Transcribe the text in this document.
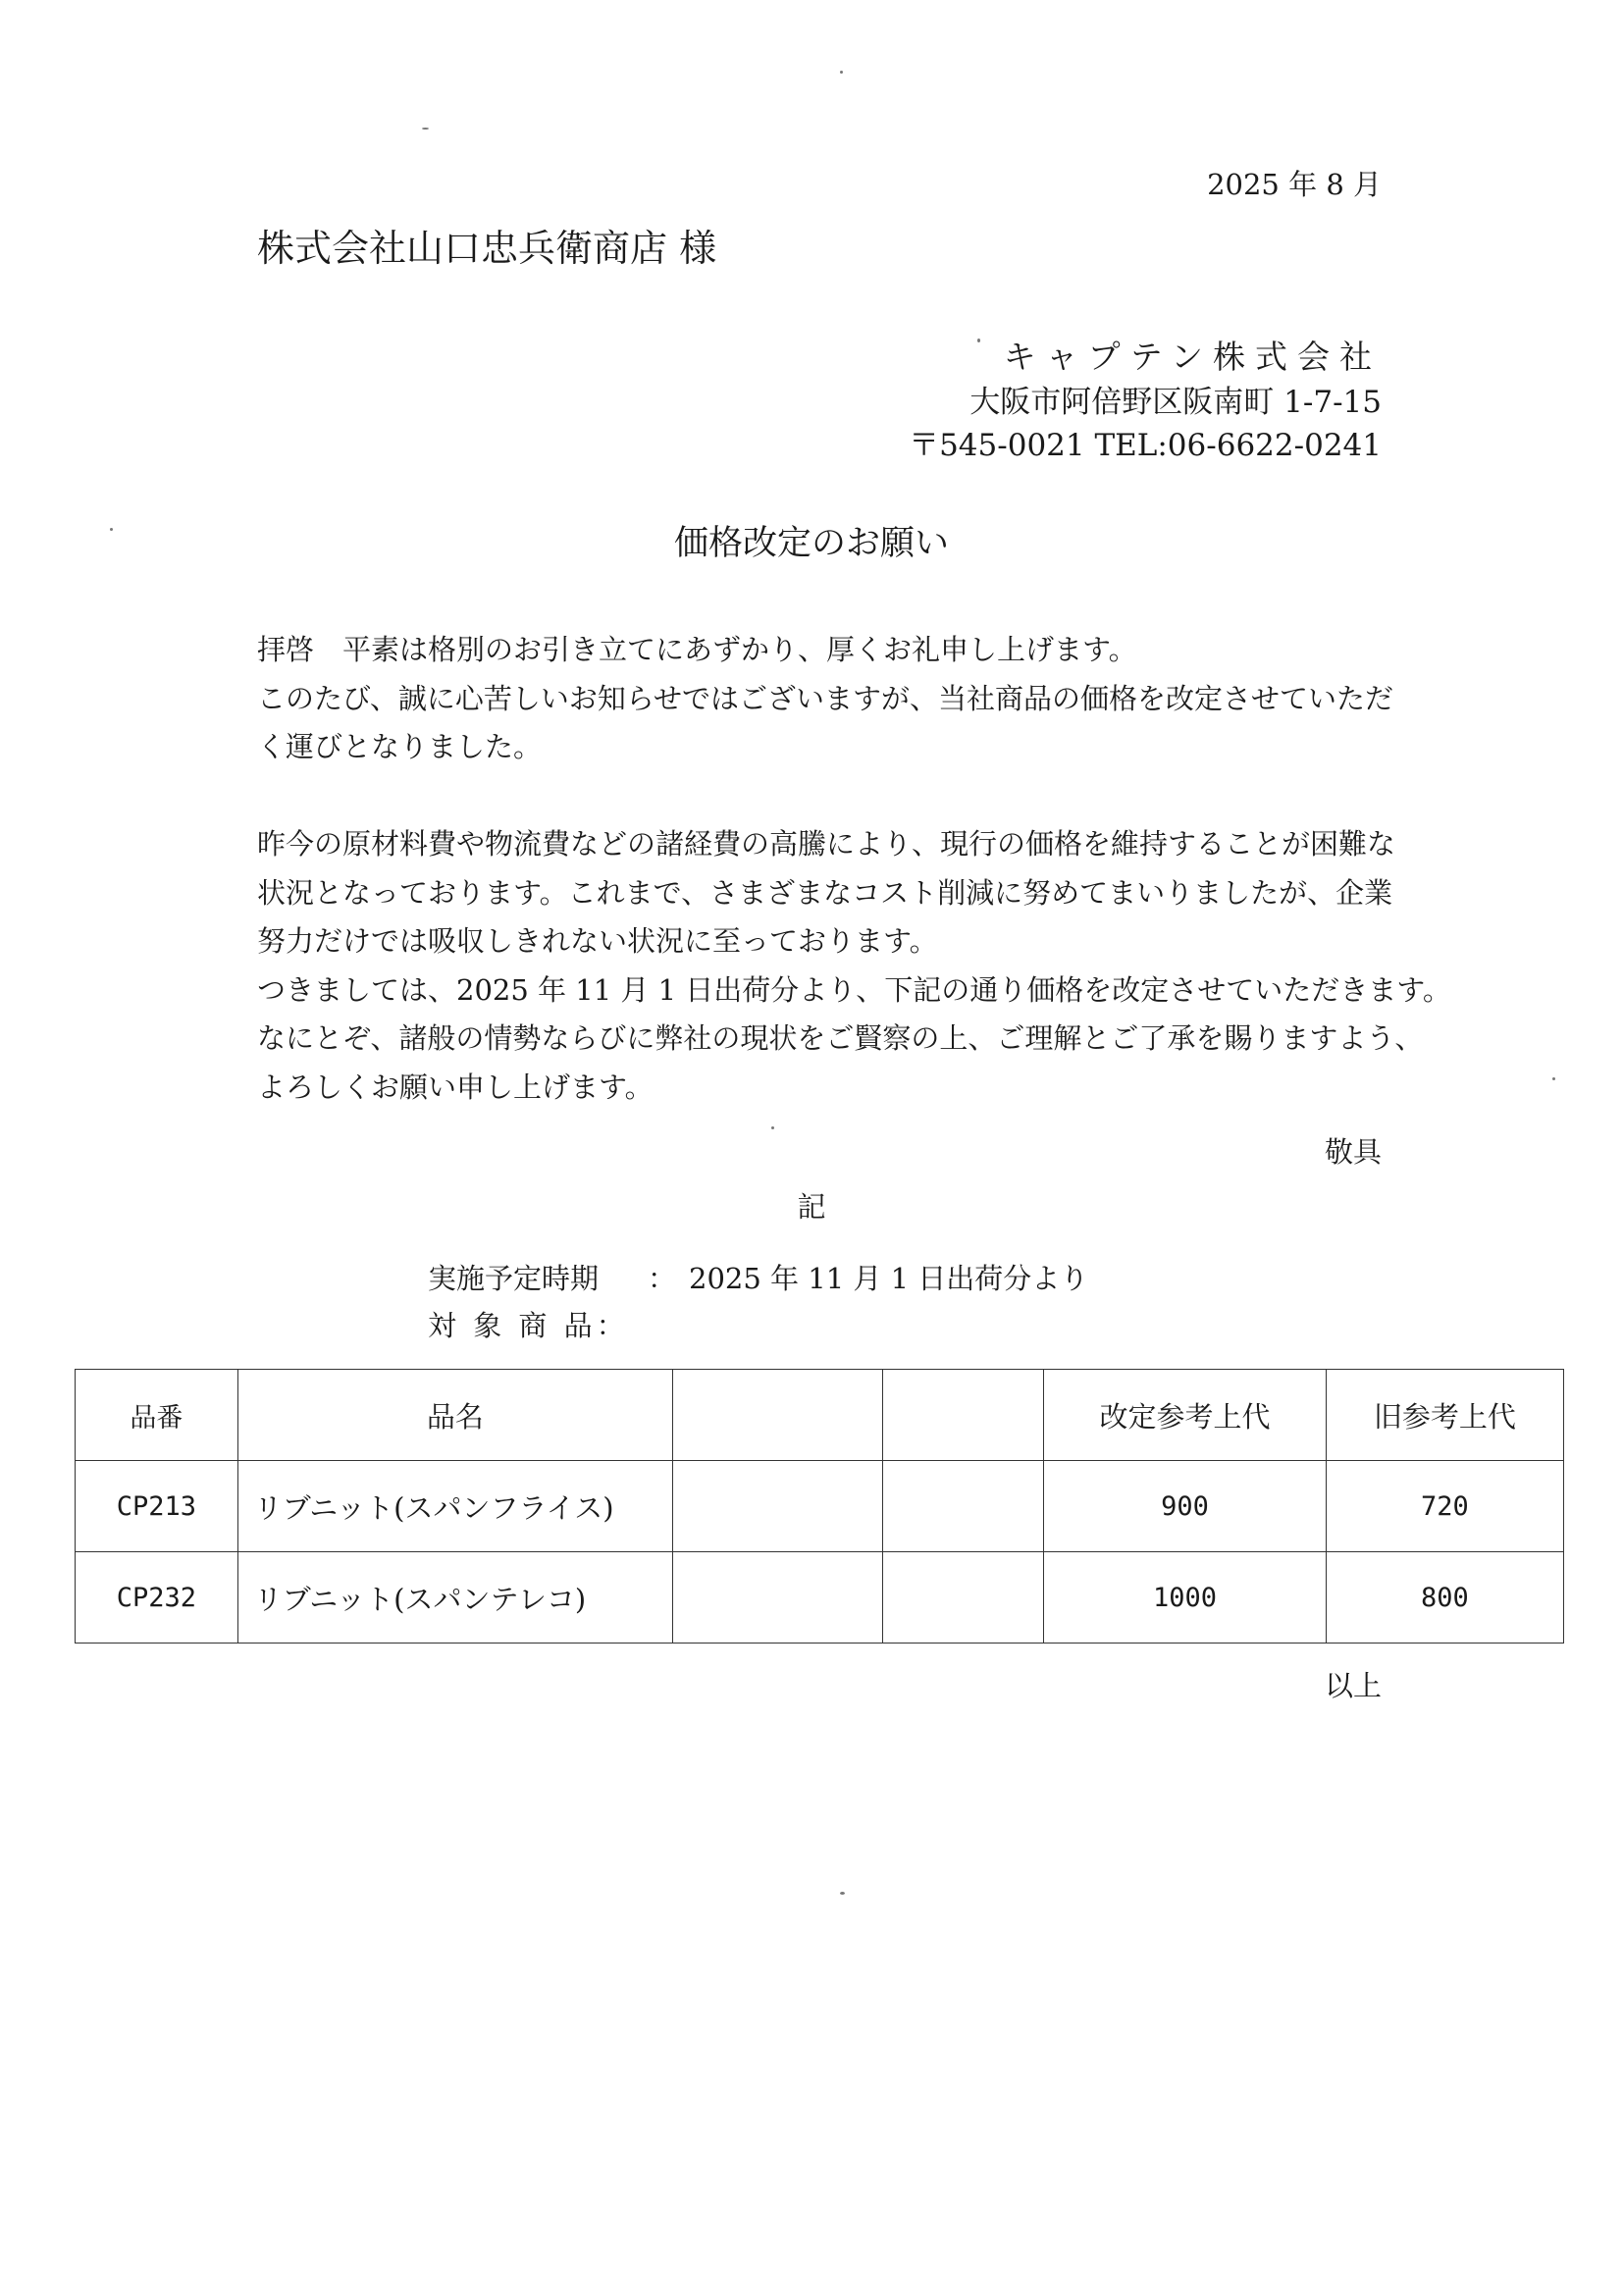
2025 年 8 月
株式会社山口忠兵衛商店 様
キャプテン株式会社
大阪市阿倍野区阪南町 1-7-15
〒545-0021 TEL:06-6622-0241
価格改定のお願い

拝啓　平素は格別のお引き立てにあずかり、厚くお礼申し上げます。

このたび、誠に心苦しいお知らせではございますが、当社商品の価格を改定させていただ

く運びとなりました。

昨今の原材料費や物流費などの諸経費の高騰により、現行の価格を維持することが困難な

状況となっております。これまで、さまざまなコスト削減に努めてまいりましたが、企業

努力だけでは吸収しきれない状況に至っております。

つきましては、2025 年 11 月 1 日出荷分より、下記の通り価格を改定させていただきます。

なにとぞ、諸般の情勢ならびに弊社の現状をご賢察の上、ご理解とご了承を賜りますよう、

よろしくお願い申し上げます。

敬具
記
実施予定時期 ： 2025 年 11 月 1 日出荷分より
対 象 商 品：
品番	品名			改定参考上代	旧参考上代
CP213	リブニット(スパンフライス)			900	720
CP232	リブニット(スパンテレコ)			1000	800
以上
